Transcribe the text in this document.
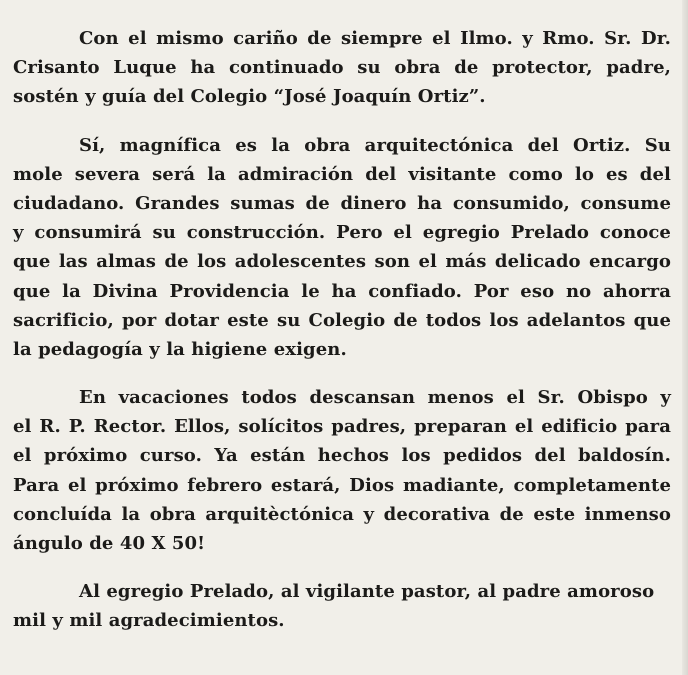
Con el mismo cariño de siempre el Ilmo. y Rmo. Sr. Dr.
Crisanto Luque ha continuado su obra de protector, padre,
sostén y guía del Colegio “José Joaquín Ortiz”.
Sí, magnífica es la obra arquitectónica del Ortiz. Su
mole severa será la admiración del visitante como lo es del
ciudadano. Grandes sumas de dinero ha consumido, consume
y consumirá su construcción. Pero el egregio Prelado conoce
que las almas de los adolescentes son el más delicado encargo
que la Divina Providencia le ha confiado. Por eso no ahorra
sacrificio, por dotar este su Colegio de todos los adelantos que
la pedagogía y la higiene exigen.
En vacaciones todos descansan menos el Sr. Obispo y
el R. P. Rector. Ellos, solícitos padres, preparan el edificio para
el próximo curso. Ya están hechos los pedidos del baldosín.
Para el próximo febrero estará, Dios madiante, completamente
concluída la obra arquitèctónica y decorativa de este inmenso
ángulo de 40 X 50!
Al egregio Prelado, al vigilante pastor, al padre amoroso
mil y mil agradecimientos.
